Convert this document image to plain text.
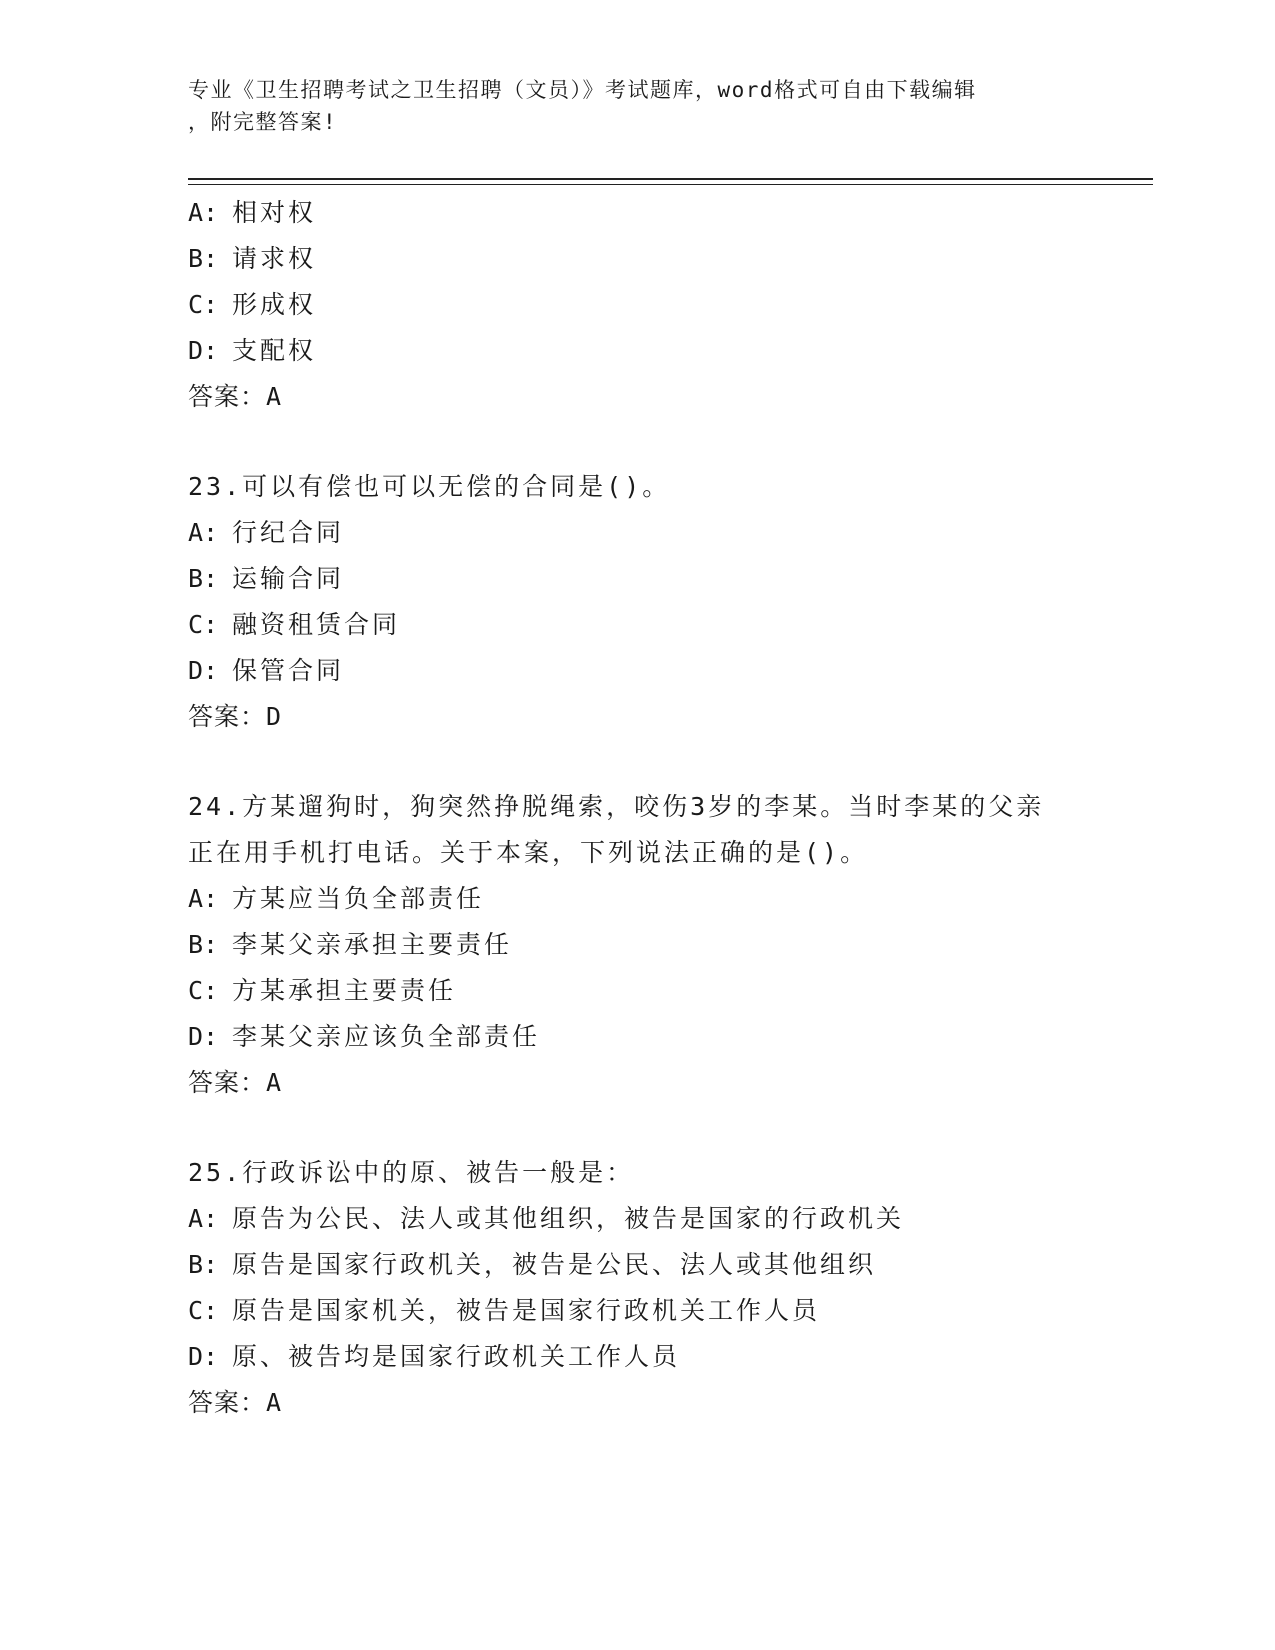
专业《卫生招聘考试之卫生招聘（文员）》考试题库，word格式可自由下载编辑
，附完整答案!
A: 相对权
B: 请求权
C: 形成权
D: 支配权
答案：A
23.可以有偿也可以无偿的合同是()。
A: 行纪合同
B: 运输合同
C: 融资租赁合同
D: 保管合同
答案：D
24.方某遛狗时，狗突然挣脱绳索，咬伤3岁的李某。当时李某的父亲
正在用手机打电话。关于本案，下列说法正确的是()。
A: 方某应当负全部责任
B: 李某父亲承担主要责任
C: 方某承担主要责任
D: 李某父亲应该负全部责任
答案：A
25.行政诉讼中的原、被告一般是：
A: 原告为公民、法人或其他组织，被告是国家的行政机关
B: 原告是国家行政机关，被告是公民、法人或其他组织
C: 原告是国家机关，被告是国家行政机关工作人员
D: 原、被告均是国家行政机关工作人员
答案：A
